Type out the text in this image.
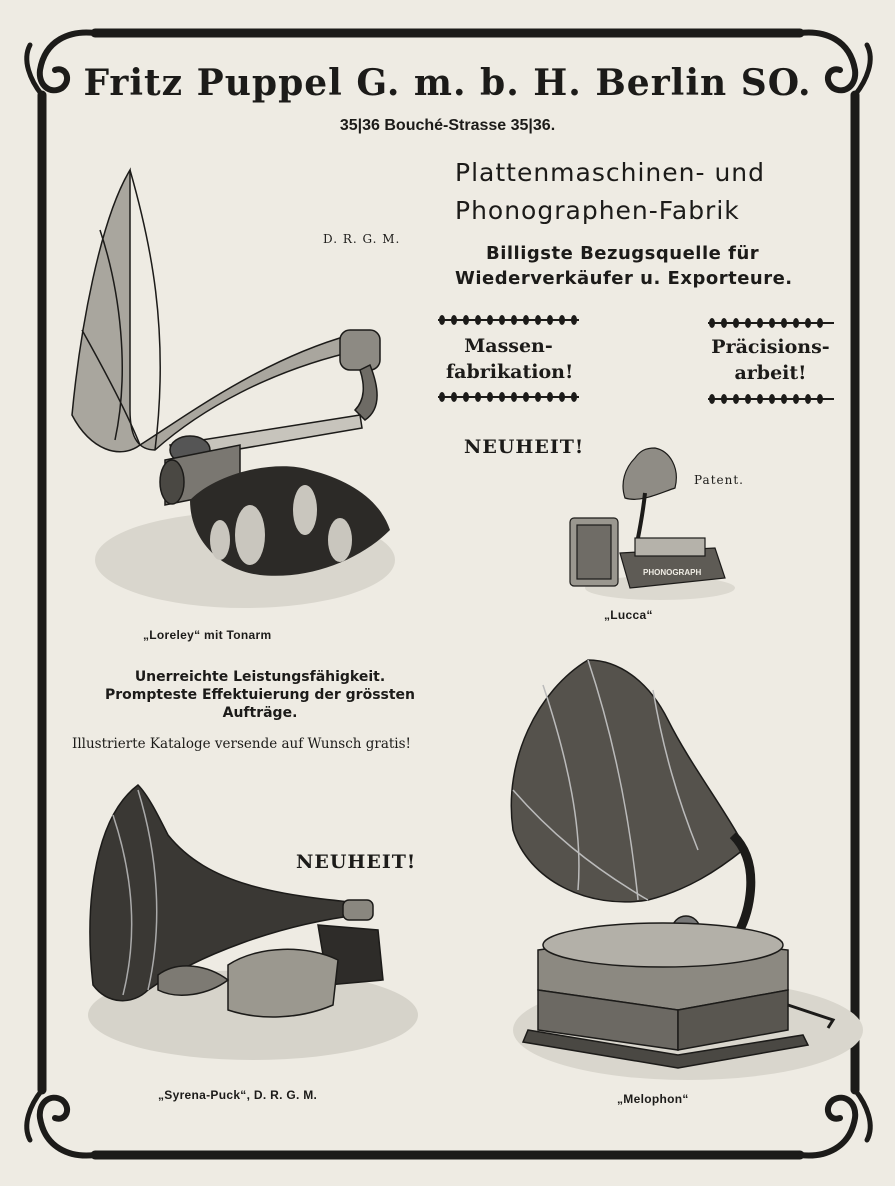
Fritz Puppel G. m. b. H. Berlin SO.
35|36 Bouché-Strasse 35|36.
Plattenmaschinen- und
Phonographen-Fabrik
Billigste Bezugsquelle für
Wiederverkäufer u. Exporteure.
D. R. G. M.
Massen-
fabrikation!
Präcisions-
arbeit!
NEUHEIT!
Patent.
„Loreley“ mit Tonarm
PHONOGRAPH
„Lucca“
Unerreichte Leistungsfähigkeit.
Prompteste Effektuierung der grössten
Aufträge.
Illustrierte Kataloge versende auf Wunsch gratis!
NEUHEIT!
„Syrena-Puck“, D. R. G. M.	„Melophon“
